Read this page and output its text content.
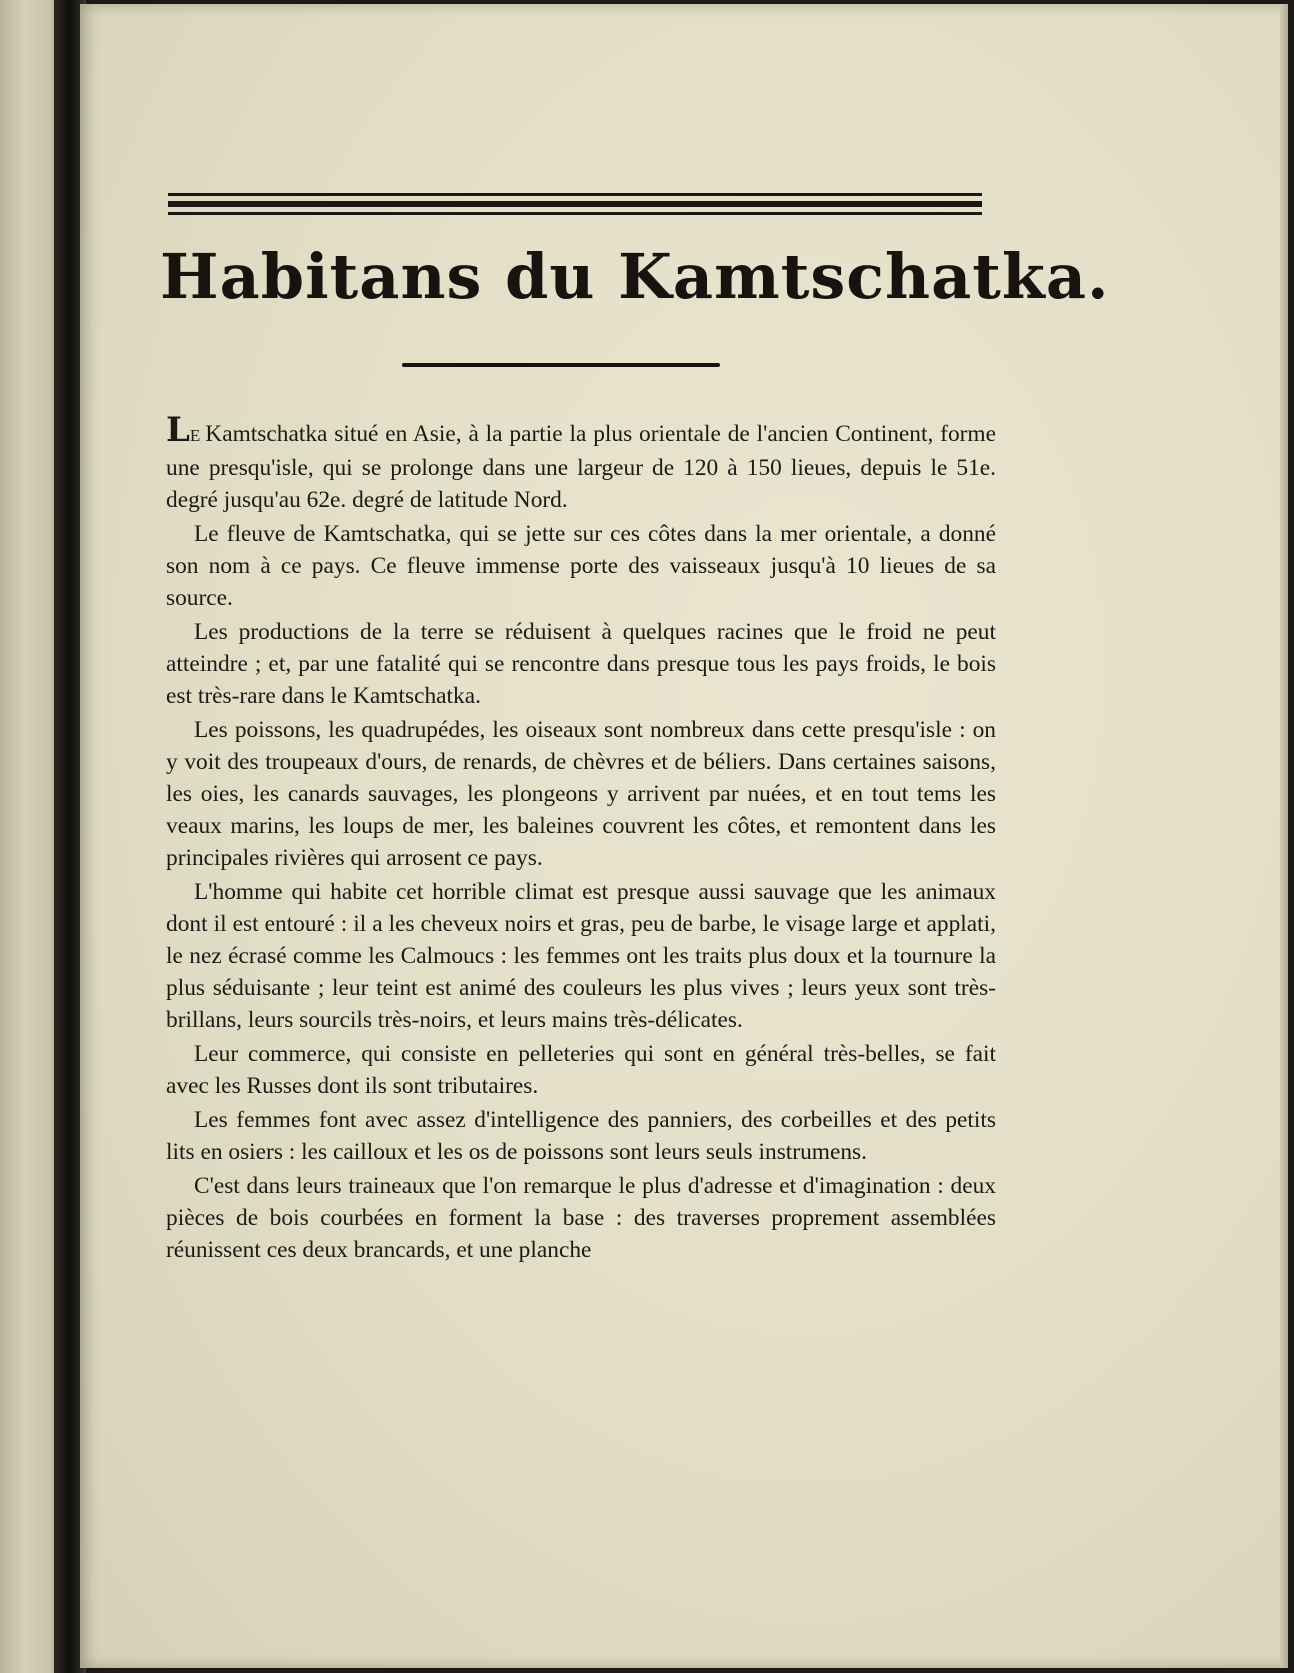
Habitans du Kamtschatka.

LE Kamtschatka situé en Asie, à la partie la plus orientale de l'ancien Continent, forme une presqu'isle, qui se prolonge dans une largeur de 120 à 150 lieues, depuis le 51e. degré jusqu'au 62e. degré de latitude Nord.

Le fleuve de Kamtschatka, qui se jette sur ces côtes dans la mer orientale, a donné son nom à ce pays. Ce fleuve immense porte des vaisseaux jusqu'à 10 lieues de sa source.

Les productions de la terre se réduisent à quelques racines que le froid ne peut atteindre ; et, par une fatalité qui se rencontre dans presque tous les pays froids, le bois est très-rare dans le Kamtschatka.

Les poissons, les quadrupédes, les oiseaux sont nombreux dans cette presqu'isle : on y voit des troupeaux d'ours, de renards, de chèvres et de béliers. Dans certaines saisons, les oies, les canards sauvages, les plongeons y arrivent par nuées, et en tout tems les veaux marins, les loups de mer, les baleines couvrent les côtes, et remontent dans les principales rivières qui arrosent ce pays.

L'homme qui habite cet horrible climat est presque aussi sauvage que les animaux dont il est entouré : il a les cheveux noirs et gras, peu de barbe, le visage large et applati, le nez écrasé comme les Calmoucs : les femmes ont les traits plus doux et la tournure la plus séduisante ; leur teint est animé des couleurs les plus vives ; leurs yeux sont très-brillans, leurs sourcils très-noirs, et leurs mains très-délicates.

Leur commerce, qui consiste en pelleteries qui sont en général très-belles, se fait avec les Russes dont ils sont tributaires.

Les femmes font avec assez d'intelligence des panniers, des corbeilles et des petits lits en osiers : les cailloux et les os de poissons sont leurs seuls instrumens.

C'est dans leurs traineaux que l'on remarque le plus d'adresse et d'imagination : deux pièces de bois courbées en forment la base : des traverses proprement assemblées réunissent ces deux brancards, et une planche
